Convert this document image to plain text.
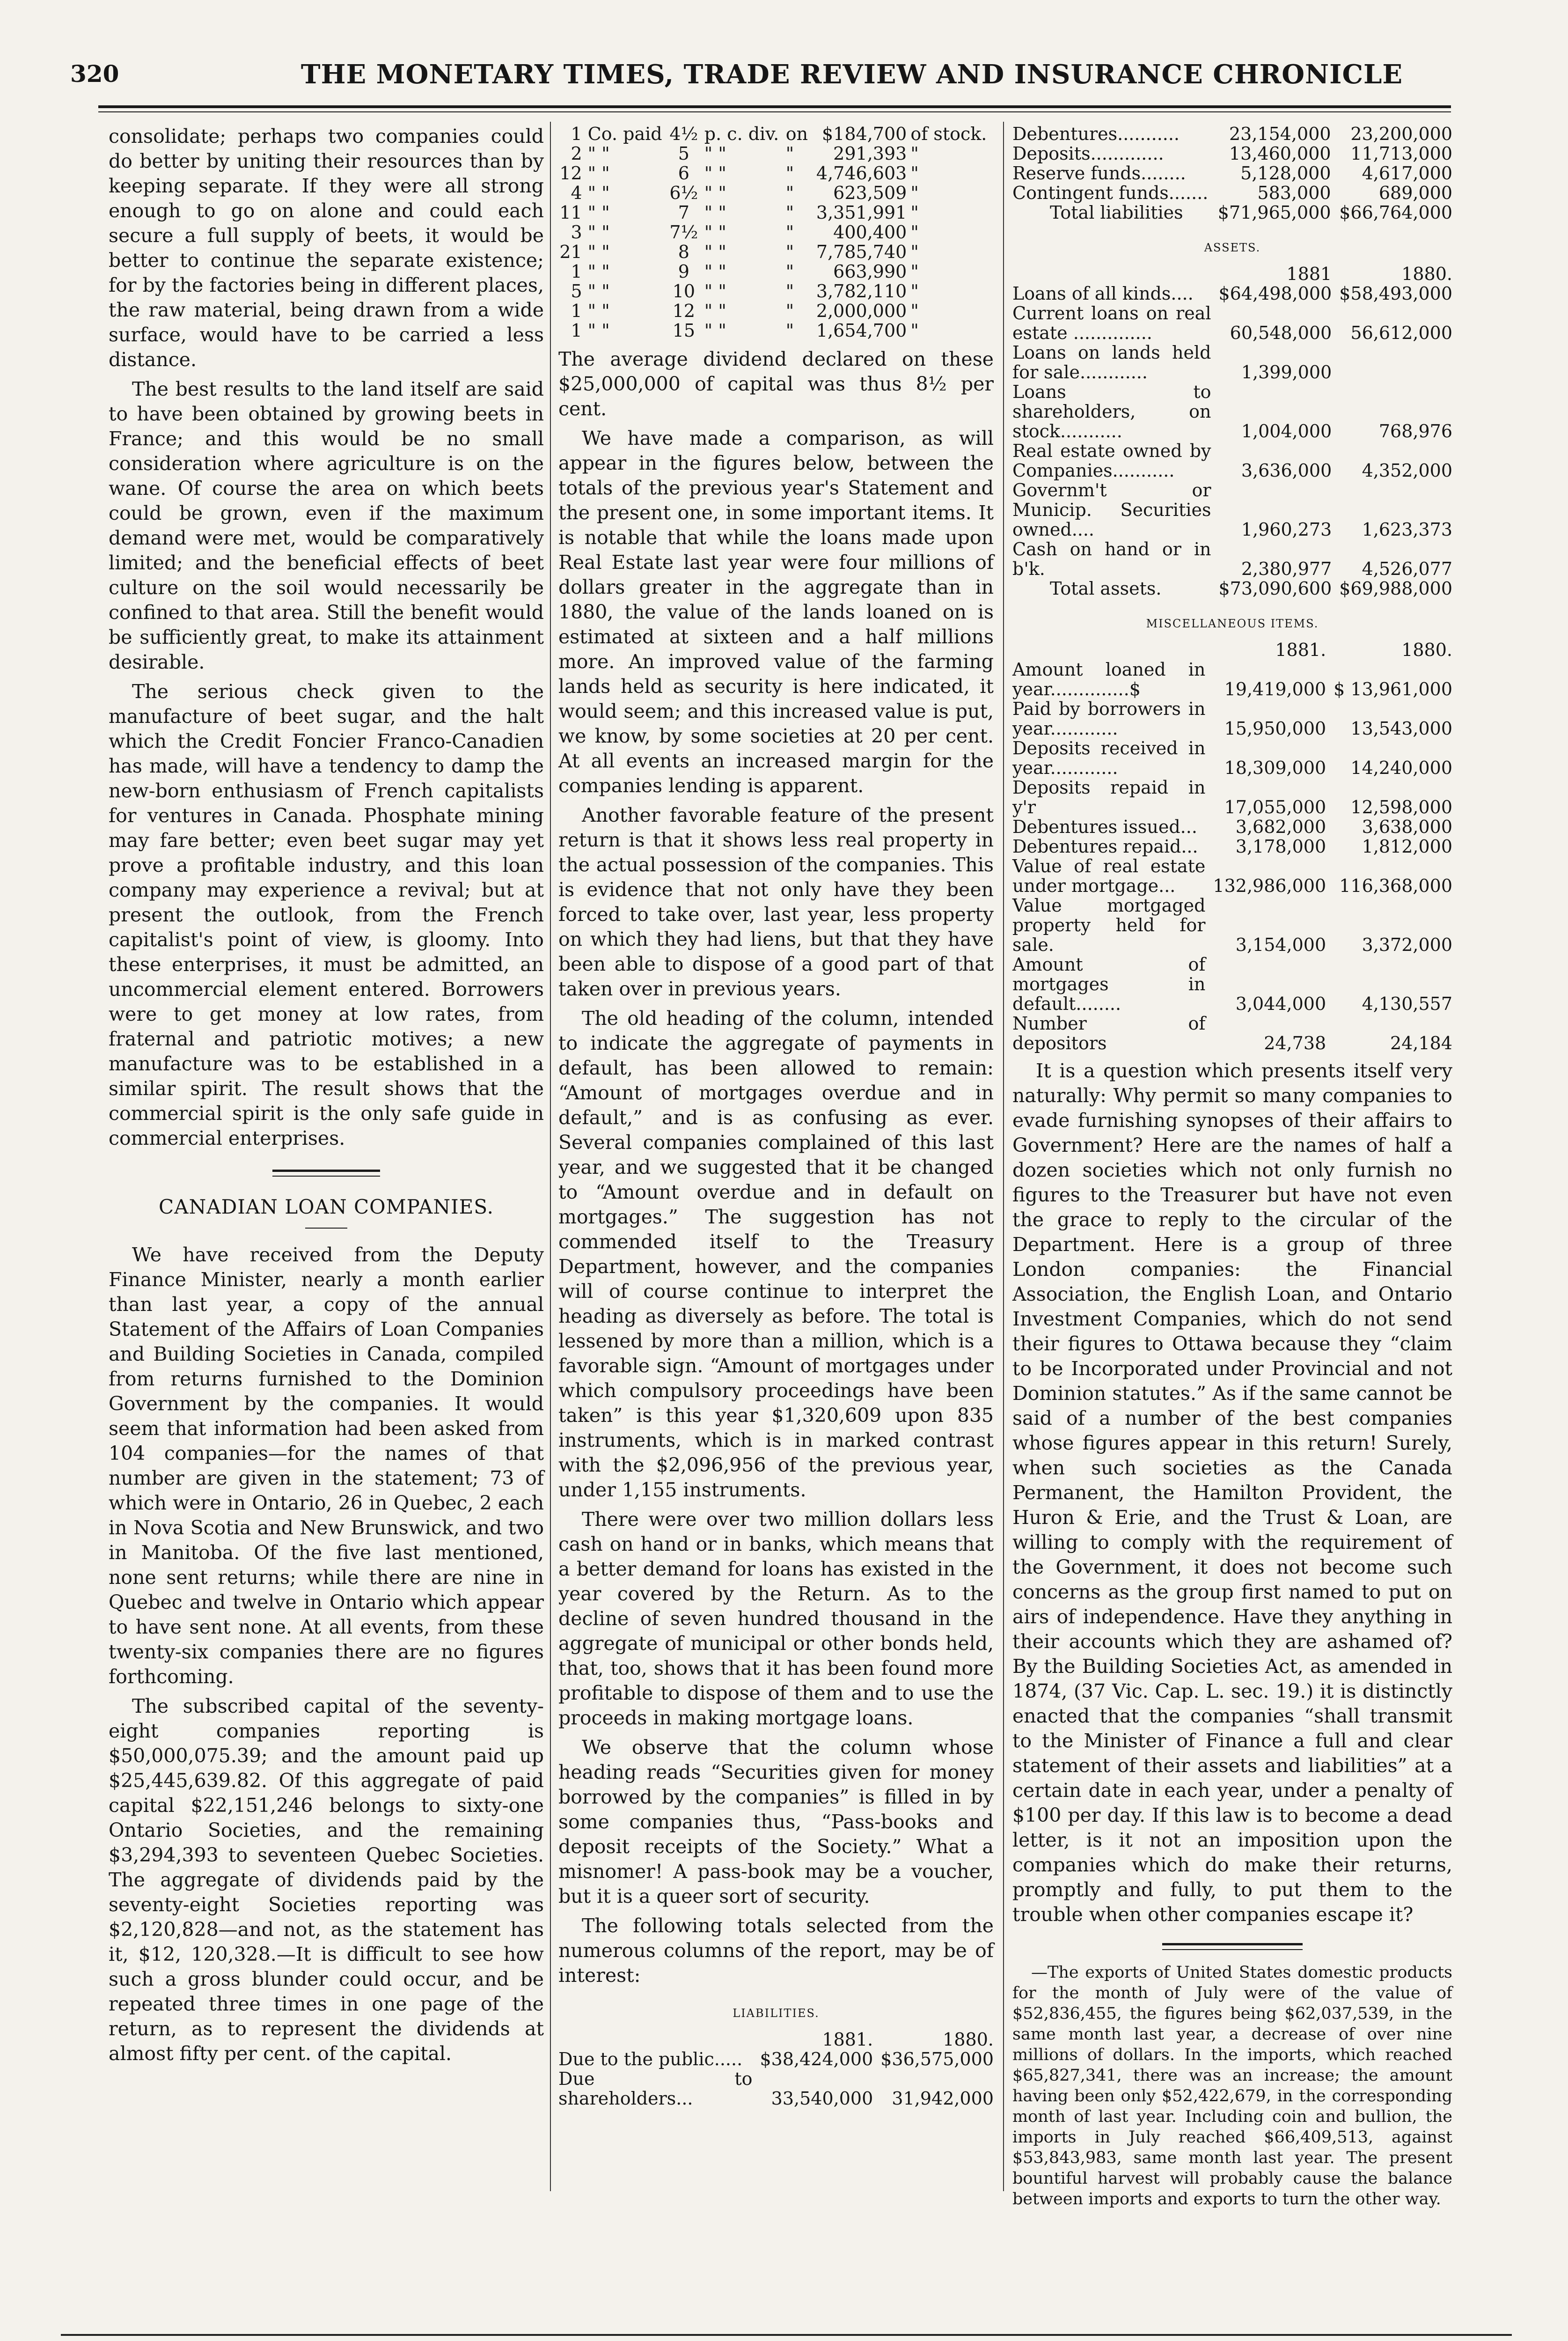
320	THE MONETARY TIMES, TRADE REVIEW AND INSURANCE CHRONICLE

consolidate; perhaps two companies could do better by uniting their resources than by keeping separate. If they were all strong enough to go on alone and could each secure a full supply of beets, it would be better to continue the separate existence; for by the factories being in different places, the raw material, being drawn from a wide surface, would have to be carried a less distance.

The best results to the land itself are said to have been obtained by growing beets in France; and this would be no small consideration where agriculture is on the wane. Of course the area on which beets could be grown, even if the maximum demand were met, would be comparatively limited; and the beneficial effects of beet culture on the soil would necessarily be confined to that area. Still the benefit would be sufficiently great, to make its attainment desirable.

The serious check given to the manufacture of beet sugar, and the halt which the Credit Foncier Franco-Canadien has made, will have a tendency to damp the new-born enthusiasm of French capitalists for ventures in Canada. Phosphate mining may fare better; even beet sugar may yet prove a profitable industry, and this loan company may experience a revival; but at present the outlook, from the French capitalist's point of view, is gloomy. Into these enterprises, it must be admitted, an uncommercial element entered. Borrowers were to get money at low rates, from fraternal and patriotic motives; a new manufacture was to be established in a similar spirit. The result shows that the commercial spirit is the only safe guide in commercial enterprises.

CANADIAN LOAN COMPANIES.

We have received from the Deputy Finance Minister, nearly a month earlier than last year, a copy of the annual Statement of the Affairs of Loan Companies and Building Societies in Canada, compiled from returns furnished to the Dominion Government by the companies. It would seem that information had been asked from 104 companies—for the names of that number are given in the statement; 73 of which were in Ontario, 26 in Quebec, 2 each in Nova Scotia and New Brunswick, and two in Manitoba. Of the five last mentioned, none sent returns; while there are nine in Quebec and twelve in Ontario which appear to have sent none. At all events, from these twenty-six companies there are no figures forthcoming.

The subscribed capital of the seventy-eight companies reporting is $50,000,075.39; and the amount paid up $25,445,639.82. Of this aggregate of paid capital $22,151,246 belongs to sixty-one Ontario Societies, and the remaining $3,294,393 to seventeen Quebec Societies. The aggregate of dividends paid by the seventy-eight Societies reporting was $2,120,828—and not, as the statement has it, $12, 120,328.—It is difficult to see how such a gross blunder could occur, and be repeated three times in one page of the return, as to represent the dividends at almost fifty per cent. of the capital.

1	Co. paid	4½	p. c. div.	on	$184,700	of stock.
2	" "	5	" "	"	291,393	"
12	" "	6	" "	"	4,746,603	"
4	" "	6½	" "	"	623,509	"
11	" "	7	" "	"	3,351,991	"
3	" "	7½	" "	"	400,400	"
21	" "	8	" "	"	7,785,740	"
1	" "	9	" "	"	663,990	"
5	" "	10	" "	"	3,782,110	"
1	" "	12	" "	"	2,000,000	"
1	" "	15	" "	"	1,654,700	"

The average dividend declared on these $25,000,000 of capital was thus 8½ per cent.

We have made a comparison, as will appear in the figures below, between the totals of the previous year's Statement and the present one, in some important items. It is notable that while the loans made upon Real Estate last year were four millions of dollars greater in the aggregate than in 1880, the value of the lands loaned on is estimated at sixteen and a half millions more. An improved value of the farming lands held as security is here indicated, it would seem; and this increased value is put, we know, by some societies at 20 per cent. At all events an increased margin for the companies lending is apparent.

Another favorable feature of the present return is that it shows less real property in the actual possession of the companies. This is evidence that not only have they been forced to take over, last year, less property on which they had liens, but that they have been able to dispose of a good part of that taken over in previous years.

The old heading of the column, intended to indicate the aggregate of payments in default, has been allowed to remain: “Amount of mortgages overdue and in default,” and is as confusing as ever. Several companies complained of this last year, and we suggested that it be changed to “Amount overdue and in default on mortgages.” The suggestion has not commended itself to the Treasury Department, however, and the companies will of course continue to interpret the heading as diversely as before. The total is lessened by more than a million, which is a favorable sign. “Amount of mortgages under which compulsory proceedings have been taken” is this year $1,320,609 upon 835 instruments, which is in marked contrast with the $2,096,956 of the previous year, under 1,155 instruments.

There were over two million dollars less cash on hand or in banks, which means that a better demand for loans has existed in the year covered by the Return. As to the decline of seven hundred thousand in the aggregate of municipal or other bonds held, that, too, shows that it has been found more profitable to dispose of them and to use the proceeds in making mortgage loans.

We observe that the column whose heading reads “Securities given for money borrowed by the companies” is filled in by some companies thus, “Pass-books and deposit receipts of the Society.” What a misnomer! A pass-book may be a voucher, but it is a queer sort of security.

The following totals selected from the numerous columns of the report, may be of interest:

LIABILITIES.
	1881.	1880.
Due to the public.....	$38,424,000	$36,575,000
Due to shareholders...	33,540,000	31,942,000
Debentures...........	23,154,000	23,200,000
Deposits.............	13,460,000	11,713,000
Reserve funds........	5,128,000	4,617,000
Contingent funds.......	583,000	689,000
Total liabilities	$71,965,000	$66,764,000
ASSETS.
	1881	1880.
Loans of all kinds....	$64,498,000	$58,493,000
Current loans on real estate ..............	60,548,000	56,612,000
Loans on lands held for sale............	1,399,000	
Loans to shareholders, on stock...........	1,004,000	768,976
Real estate owned by Companies...........	3,636,000	4,352,000
Governm't or Municip. Securities owned....	1,960,273	1,623,373
Cash on hand or in b'k.	2,380,977	4,526,077
Total assets.	$73,090,600	$69,988,000
MISCELLANEOUS ITEMS.
	1881.	1880.
Amount loaned in year..............$	19,419,000	$ 13,961,000
Paid by borrowers in year............	15,950,000	13,543,000
Deposits received in year............	18,309,000	14,240,000
Deposits repaid in y'r	17,055,000	12,598,000
Debentures issued...	3,682,000	3,638,000
Debentures repaid...	3,178,000	1,812,000
Value of real estate under mortgage...	132,986,000	116,368,000
Value mortgaged property held for sale.	3,154,000	3,372,000
Amount of mortgages in default........	3,044,000	4,130,557
Number of depositors	24,738	24,184

It is a question which presents itself very naturally: Why permit so many companies to evade furnishing synopses of their affairs to Government? Here are the names of half a dozen societies which not only furnish no figures to the Treasurer but have not even the grace to reply to the circular of the Department. Here is a group of three London companies: the Financial Association, the English Loan, and Ontario Investment Companies, which do not send their figures to Ottawa because they “claim to be Incorporated under Provincial and not Dominion statutes.” As if the same cannot be said of a number of the best companies whose figures appear in this return! Surely, when such societies as the Canada Permanent, the Hamilton Provident, the Huron & Erie, and the Trust & Loan, are willing to comply with the requirement of the Government, it does not become such concerns as the group first named to put on airs of independence. Have they anything in their accounts which they are ashamed of? By the Building Societies Act, as amended in 1874, (37 Vic. Cap. L. sec. 19.) it is distinctly enacted that the companies “shall transmit to the Minister of Finance a full and clear statement of their assets and liabilities” at a certain date in each year, under a penalty of $100 per day. If this law is to become a dead letter, is it not an imposition upon the companies which do make their returns, promptly and fully, to put them to the trouble when other companies escape it?

—The exports of United States domestic products for the month of July were of the value of $52,836,455, the figures being $62,037,539, in the same month last year, a decrease of over nine millions of dollars. In the imports, which reached $65,827,341, there was an increase; the amount having been only $52,422,679, in the corresponding month of last year. Including coin and bullion, the imports in July reached $66,409,513, against $53,843,983, same month last year. The present bountiful harvest will probably cause the balance between imports and exports to turn the other way.
